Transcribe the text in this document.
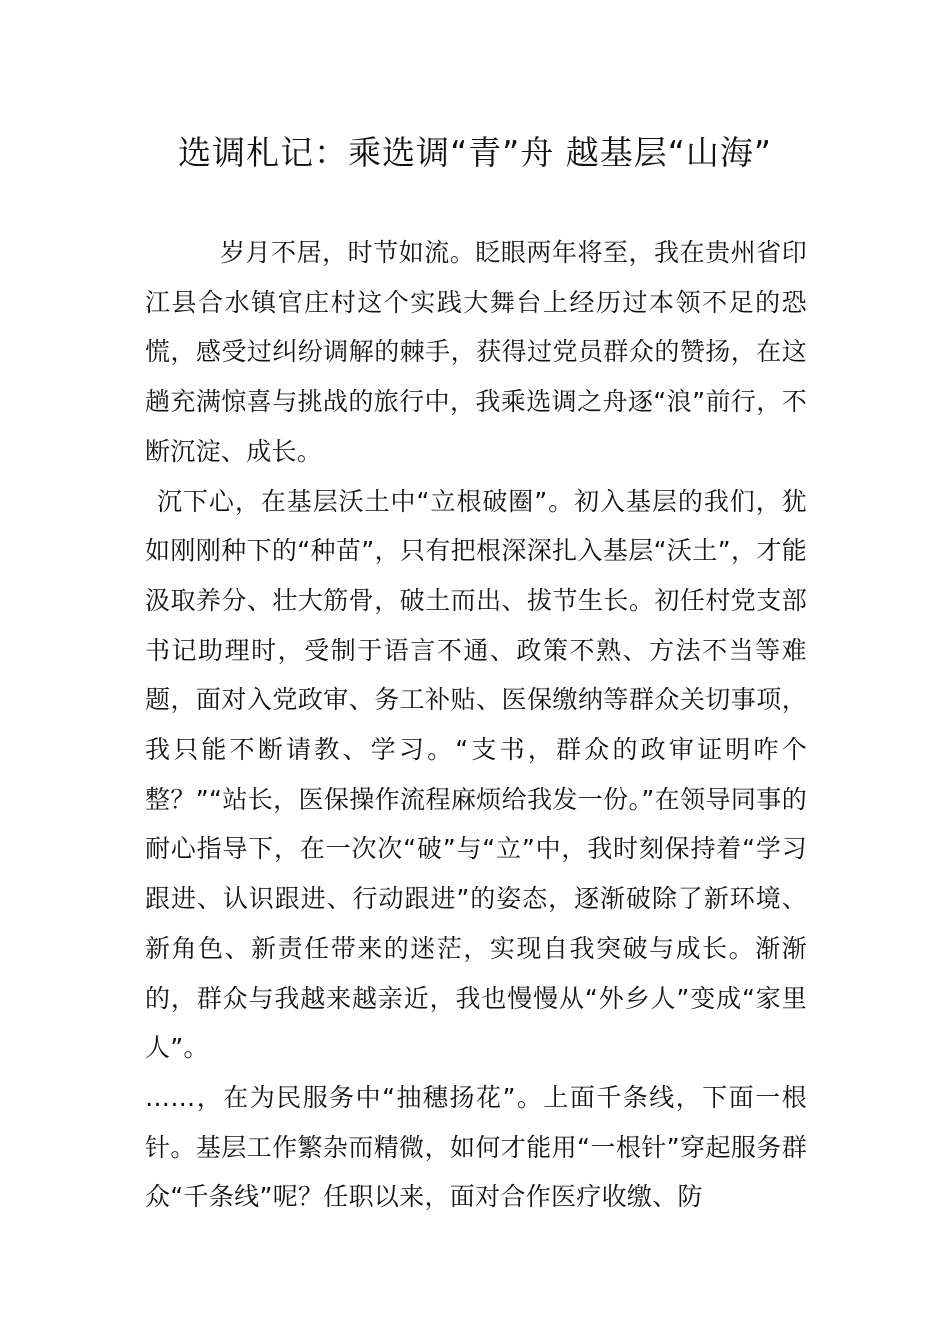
选调札记：乘选调“青”舟 越基层“山海”

岁月不居，时节如流。眨眼两年将至，我在贵州省印江县合水镇官庄村这个实践大舞台上经历过本领不足的恐慌，感受过纠纷调解的棘手，获得过党员群众的赞扬，在这趟充满惊喜与挑战的旅行中，我乘选调之舟逐“浪”前行，不断沉淀、成长。

沉下心，在基层沃土中“立根破圈”。初入基层的我们，犹如刚刚种下的“种苗”，只有把根深深扎入基层“沃土”，才能汲取养分、壮大筋骨，破土而出、拔节生长。初任村党支部书记助理时，受制于语言不通、政策不熟、方法不当等难题，面对入党政审、务工补贴、医保缴纳等群众关切事项，我只能不断请教、学习。“支书，群众的政审证明咋个整？”“站长，医保操作流程麻烦给我发一份。”在领导同事的耐心指导下，在一次次“破”与“立”中，我时刻保持着“学习跟进、认识跟进、行动跟进”的姿态，逐渐破除了新环境、新角色、新责任带来的迷茫，实现自我突破与成长。渐渐的，群众与我越来越亲近，我也慢慢从“外乡人”变成“家里人”。

……，在为民服务中“抽穗扬花”。上面千条线，下面一根针。基层工作繁杂而精微，如何才能用“一根针”穿起服务群众“千条线”呢？任职以来，面对合作医疗收缴、防
